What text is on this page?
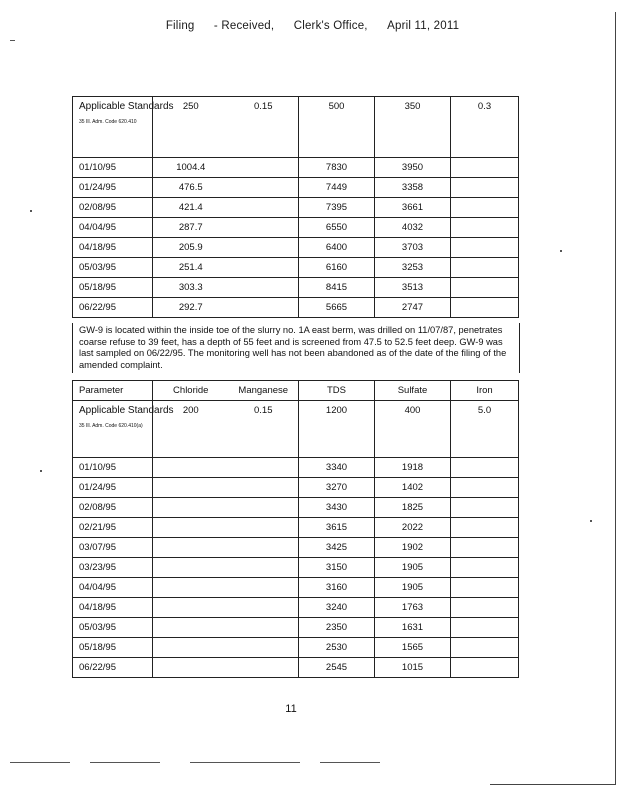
Filing - Received, Clerk's Office, April 11, 2011
Applicable Standards
35 Ill. Adm. Code 620.410	250	0.15	500	350	0.3
01/10/95	1004.4		7830	3950	
01/24/95	476.5		7449	3358	
02/08/95	421.4		7395	3661	
04/04/95	287.7		6550	4032	
04/18/95	205.9		6400	3703	
05/03/95	251.4		6160	3253	
05/18/95	303.3		8415	3513	
06/22/95	292.7		5665	2747	
GW-9 is located within the inside toe of the slurry no. 1A east berm, was drilled on 11/07/87, penetrates coarse refuse to 39 feet, has a depth of 55 feet and is screened from 47.5 to 52.5 feet deep. GW-9 was last sampled on 06/22/95. The monitoring well has not been abandoned as of the date of the filing of the amended complaint.
Parameter	Chloride	Manganese	TDS	Sulfate	Iron

Applicable Standards
35 Ill. Adm. Code 620.410(a)	200	0.15	1200	400	5.0
01/10/95			3340	1918	
01/24/95			3270	1402	
02/08/95			3430	1825	
02/21/95			3615	2022	
03/07/95			3425	1902	
03/23/95			3150	1905	
04/04/95			3160	1905	
04/18/95			3240	1763	
05/03/95			2350	1631	
05/18/95			2530	1565	
06/22/95			2545	1015	
11
